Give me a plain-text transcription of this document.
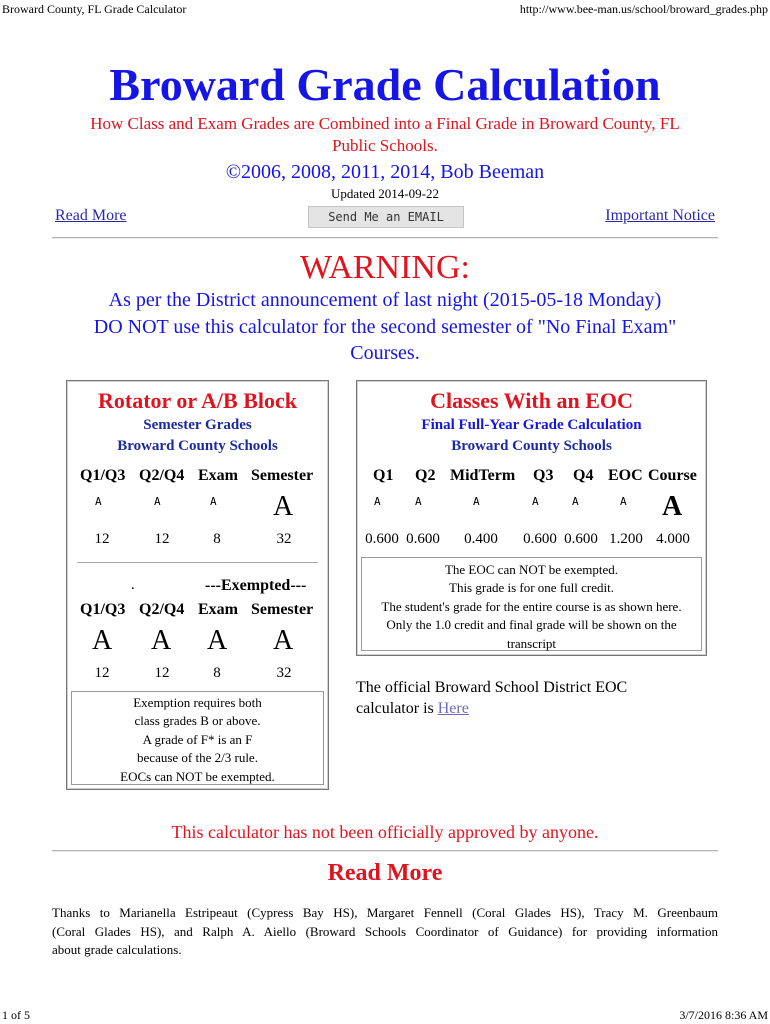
Broward County, FL Grade Calculator	http://www.bee-man.us/school/broward_grades.php
Broward Grade Calculation
How Class and Exam Grades are Combined into a Final Grade in Broward County, FL
Public Schools.
©2006, 2008, 2011, 2014, Bob Beeman
Updated 2014-09-22
Read More	Send Me an EMAIL	Important Notice
WARNING:
As per the District announcement of last night (2015-05-18 Monday)
DO NOT use this calculator for the second semester of "No Final Exam"
Courses.
Rotator or A/B Block
Semester Grades
Broward County Schools
Q1/Q3 Q2/Q4 Exam Semester
A	A	A A
12	12	8	32
.	---Exempted---
Q1/Q3 Q2/Q4 Exam Semester
A A A A
12	12	8	32
Exemption requires both
class grades B or above.
A grade of F* is an F
because of the 2/3 rule.
EOCs can NOT be exempted.
Classes With an EOC
Final Full-Year Grade Calculation
Broward County Schools
Q1 Q2 MidTerm Q3 Q4 EOC Course
A	A	A	A	A	A A
0.600 0.600 0.400 0.600 0.600 1.200 4.000
The EOC can NOT be exempted.
This grade is for one full credit.
The student's grade for the entire course is as shown here.
Only the 1.0 credit and final grade will be shown on the
transcript
The official Broward School District EOC
calculator is Here
This calculator has not been officially approved by anyone.
Read More
Thanks to Marianella Estripeaut (Cypress Bay HS), Margaret Fennell (Coral Glades HS), Tracy M. Greenbaum
(Coral Glades HS), and Ralph A. Aiello (Broward Schools Coordinator of Guidance) for providing information
about grade calculations.
1 of 5	3/7/2016 8:36 AM
